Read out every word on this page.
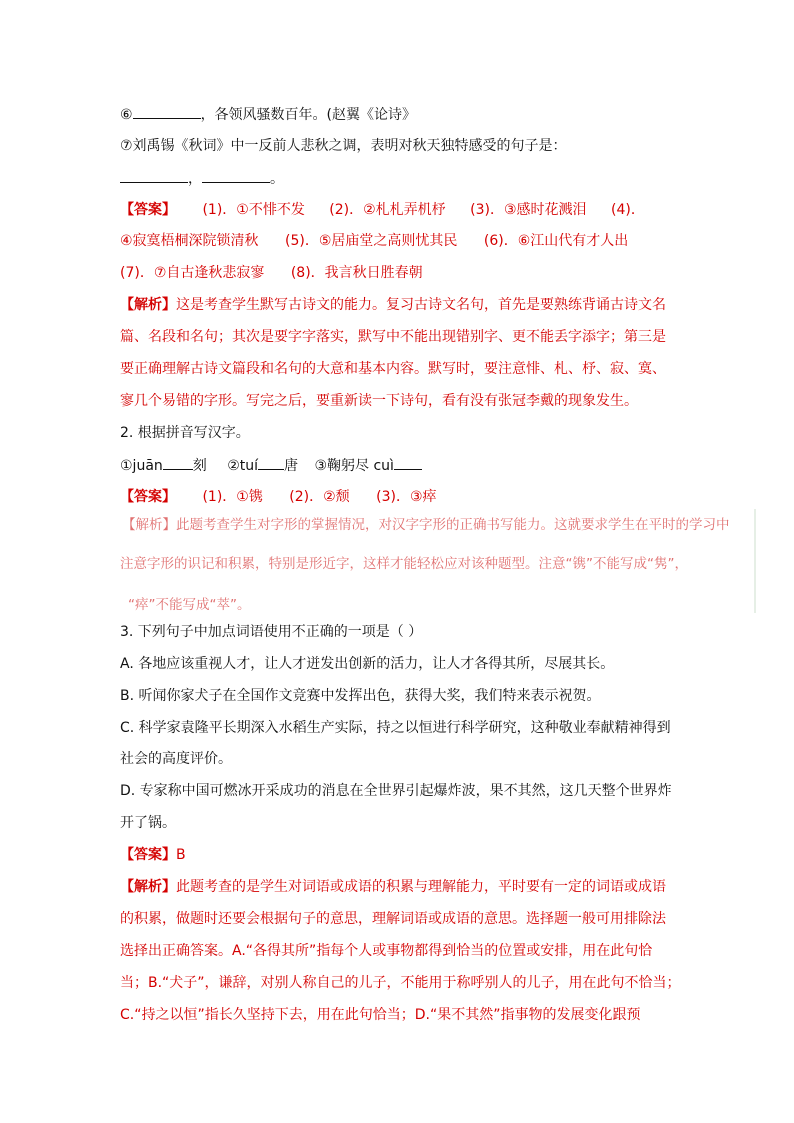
⑥	，各领风骚数百年。(赵翼《论诗》
⑦刘禹锡《秋词》中一反前人悲秋之调，表明对秋天独特感受的句子是：
，	。
【答案】 (1)．①不悱不发 (2)．②札札弄机杼 (3)．③感时花溅泪 (4)．
④寂寞梧桐深院锁清秋 (5)．⑤居庙堂之高则忧其民 (6)．⑥江山代有才人出
(7)．⑦自古逢秋悲寂寥 (8)．我言秋日胜春朝
【解析】这是考查学生默写古诗文的能力。复习古诗文名句，首先是要熟练背诵古诗文名
篇、名段和名句；其次是要字字落实，默写中不能出现错别字、更不能丢字添字；第三是
要正确理解古诗文篇段和名句的大意和基本内容。默写时，要注意悱、札、杼、寂、寞、
寥几个易错的字形。写完之后，要重新读一下诗句，看有没有张冠李戴的现象发生。
2. 根据拼音写汉字。
①juān 刻 ②tuí 唐 ③鞠躬尽 cuì
【答案】 (1)．①镌 (2)．②颓 (3)．③瘁
【解析】此题考查学生对字形的掌握情况，对汉字字形的正确书写能力。这就要求学生在平时的学习中
注意字形的识记和积累，特别是形近字，这样才能轻松应对该种题型。注意“镌”不能写成“隽”，
“瘁”不能写成“萃”。
3. 下列句子中加点词语使用不正确的一项是（ ）
A. 各地应该重视人才，让人才迸发出创新的活力，让人才各得其所，尽展其长。
B. 听闻你家犬子在全国作文竞赛中发挥出色，获得大奖，我们特来表示祝贺。
C. 科学家袁隆平长期深入水稻生产实际，持之以恒进行科学研究，这种敬业奉献精神得到
社会的高度评价。
D. 专家称中国可燃冰开采成功的消息在全世界引起爆炸波，果不其然，这几天整个世界炸
开了锅。
【答案】B
【解析】此题考查的是学生对词语或成语的积累与理解能力，平时要有一定的词语或成语
的积累，做题时还要会根据句子的意思，理解词语或成语的意思。选择题一般可用排除法
选择出正确答案。A.“各得其所”指每个人或事物都得到恰当的位置或安排，用在此句恰
当；B.“犬子”，谦辞，对别人称自己的儿子，不能用于称呼别人的儿子，用在此句不恰当；
C.“持之以恒”指长久坚持下去，用在此句恰当；D.“果不其然”指事物的发展变化跟预
